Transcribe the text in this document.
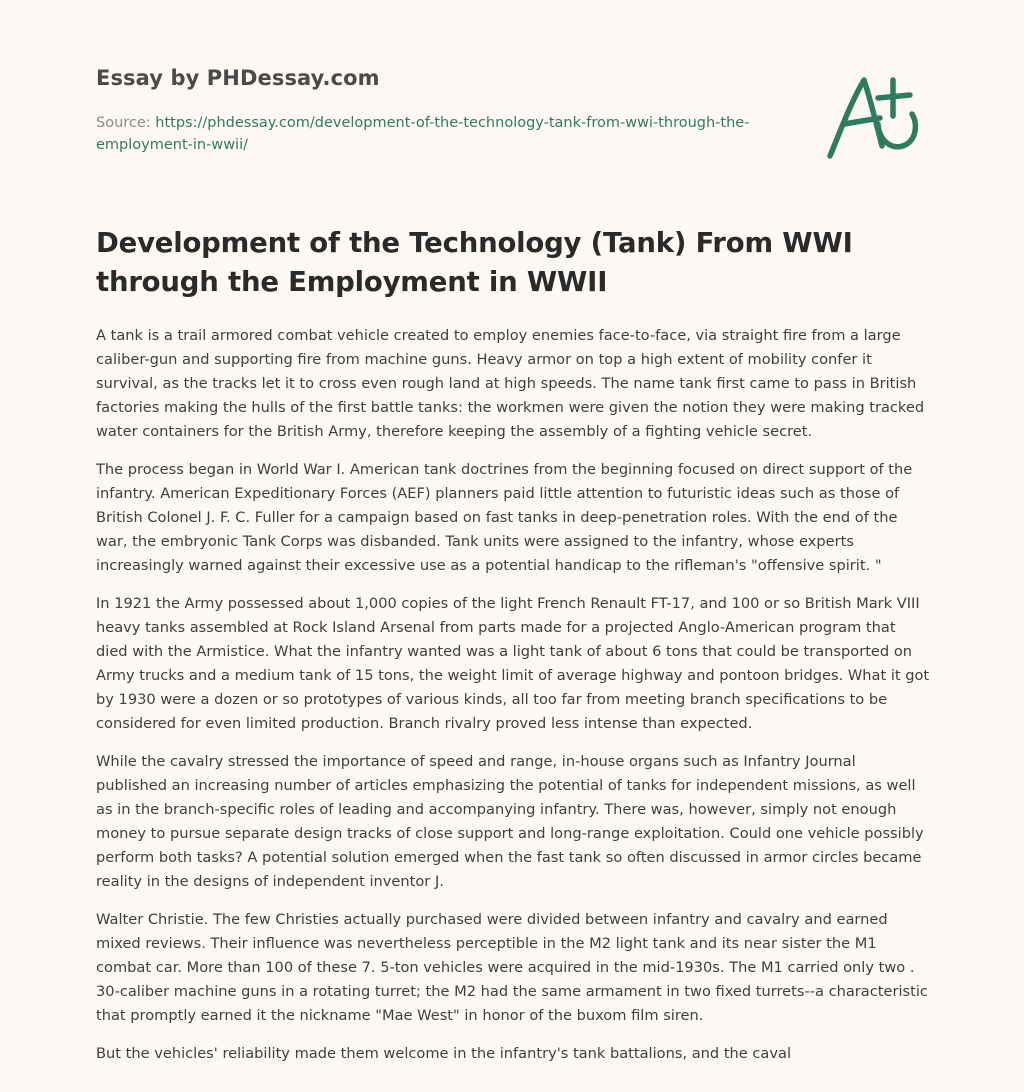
Essay by PHDessay.com
Source: https://phdessay.com/development-of-the-technology-tank-from-wwi-through-the-employment-in-wwii/
Development of the Technology (Tank) From WWI through the Employment in WWII

A tank is a trail armored combat vehicle created to employ enemies face-to-face, via straight fire from a large caliber-gun and supporting fire from machine guns. Heavy armor on top a high extent of mobility confer it survival, as the tracks let it to cross even rough land at high speeds. The name tank first came to pass in British factories making the hulls of the first battle tanks: the workmen were given the notion they were making tracked water containers for the British Army, therefore keeping the assembly of a fighting vehicle secret.

The process began in World War I. American tank doctrines from the beginning focused on direct support of the infantry. American Expeditionary Forces (AEF) planners paid little attention to futuristic ideas such as those of British Colonel J. F. C. Fuller for a campaign based on fast tanks in deep-penetration roles. With the end of the war, the embryonic Tank Corps was disbanded. Tank units were assigned to the infantry, whose experts increasingly warned against their excessive use as a potential handicap to the rifleman's "offensive spirit. "

In 1921 the Army possessed about 1,000 copies of the light French Renault FT-17, and 100 or so British Mark VIII heavy tanks assembled at Rock Island Arsenal from parts made for a projected Anglo-American program that died with the Armistice. What the infantry wanted was a light tank of about 6 tons that could be transported on Army trucks and a medium tank of 15 tons, the weight limit of average highway and pontoon bridges. What it got by 1930 were a dozen or so prototypes of various kinds, all too far from meeting branch specifications to be considered for even limited production. Branch rivalry proved less intense than expected.

While the cavalry stressed the importance of speed and range, in-house organs such as Infantry Journal published an increasing number of articles emphasizing the potential of tanks for independent missions, as well as in the branch-specific roles of leading and accompanying infantry. There was, however, simply not enough money to pursue separate design tracks of close support and long-range exploitation. Could one vehicle possibly perform both tasks? A potential solution emerged when the fast tank so often discussed in armor circles became reality in the designs of independent inventor J.

Walter Christie. The few Christies actually purchased were divided between infantry and cavalry and earned mixed reviews. Their influence was nevertheless perceptible in the M2 light tank and its near sister the M1 combat car. More than 100 of these 7. 5-ton vehicles were acquired in the mid-1930s. The M1 carried only two . 30-caliber machine guns in a rotating turret; the M2 had the same armament in two fixed turrets--a characteristic that promptly earned it the nickname "Mae West" in honor of the buxom film siren.

But the vehicles' reliability made them welcome in the infantry's tank battalions, and the caval
